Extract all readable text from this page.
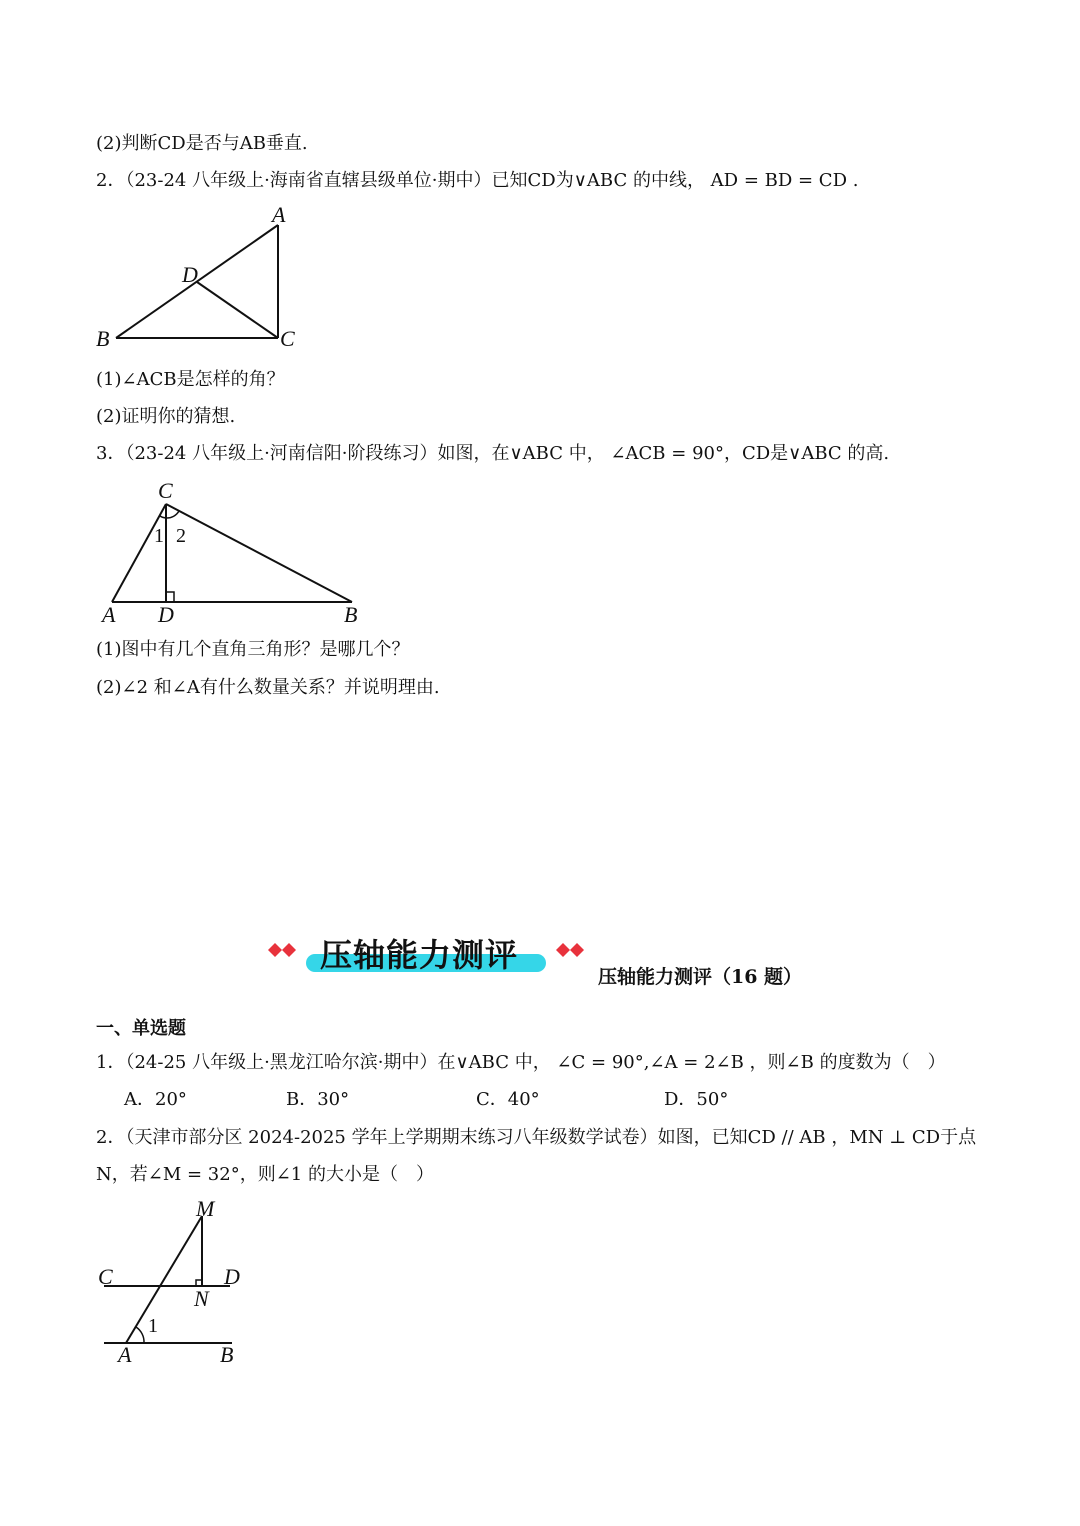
(2)判断CD是否与AB垂直.
2．（23-24 八年级上·海南省直辖县级单位·期中）已知CD为∨ABC 的中线， AD = BD = CD .
A
B	C
D
(1)∠ACB是怎样的角？
(2)证明你的猜想.
3．（23-24 八年级上·河南信阳·阶段练习）如图，在∨ABC 中， ∠ACB = 90°，CD是∨ABC 的高.
C
A D	B
1 2
(1)图中有几个直角三角形？是哪几个？
(2)∠2 和∠A有什么数量关系？并说明理由.
压轴能力测评
压轴能力测评（16 题）
一、单选题
1．（24-25 八年级上·黑龙江哈尔滨·期中）在∨ABC 中， ∠C = 90°,∠A = 2∠B ，则∠B 的度数为（　）
A．20°	B．30°	C．40°	D．50°
2．（天津市部分区 2024-2025 学年上学期期末练习八年级数学试卷）如图，已知CD // AB ，MN ⊥ CD于点
N，若∠M = 32°，则∠1 的大小是（　）
M
C	D
N
1
A	B
